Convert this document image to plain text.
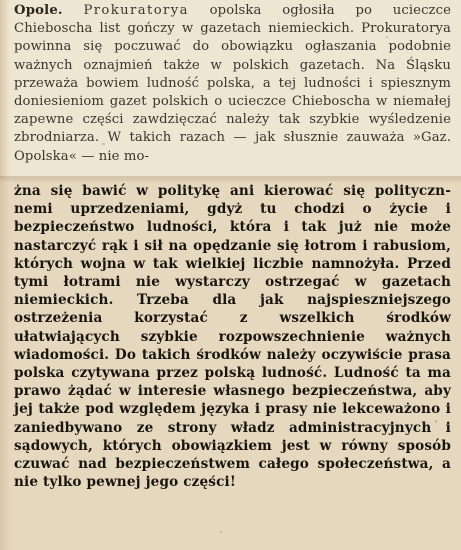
Opole. Prokuratorya opolska ogłosiła po ucieczce Chieboscha list gończy w gazetach niemieckich. Prokuratorya powinna się poczuwać do obowiązku ogłaszania podobnie ważnych oznajmień także w polskich gazetach. Na Śląsku przeważa bowiem ludność polska, a tej ludności i spiesznym doniesieniom gazet polskich o ucieczce Chieboscha w niemałej zapewne części zawdzięczać należy tak szybkie wyśledzenie zbrodniarza. W takich razach — jak słusznie zauważa »Gaz. Opolska« — nie mo-

żna się bawić w politykę ani kierować się polityczn- nemi uprzedzeniami, gdyż tu chodzi o życie i bezpieczeństwo ludności, która i tak już nie może nastarczyć rąk i sił na opędzanie się łotrom i rabusiom, których wojna w tak wielkiej liczbie namnożyła. Przed tymi łotrami nie wystarczy ostrzegać w gazetach niemieckich. Trzeba dla jak najspieszniejszego ostrzeżenia korzystać z wszelkich środków ułatwiających szybkie rozpowszechnienie ważnych wiadomości. Do takich środków należy oczywiście prasa polska czytywana przez polską ludność. Ludność ta ma prawo żądać w interesie własnego bezpieczeństwa, aby jej także pod względem języka i prasy nie lekceważono i zaniedbywano ze strony władz administracyjnych i sądowych, których obowiązkiem jest w równy sposób czuwać nad bezpieczeństwem całego społeczeństwa, a nie tylko pewnej jego części!
